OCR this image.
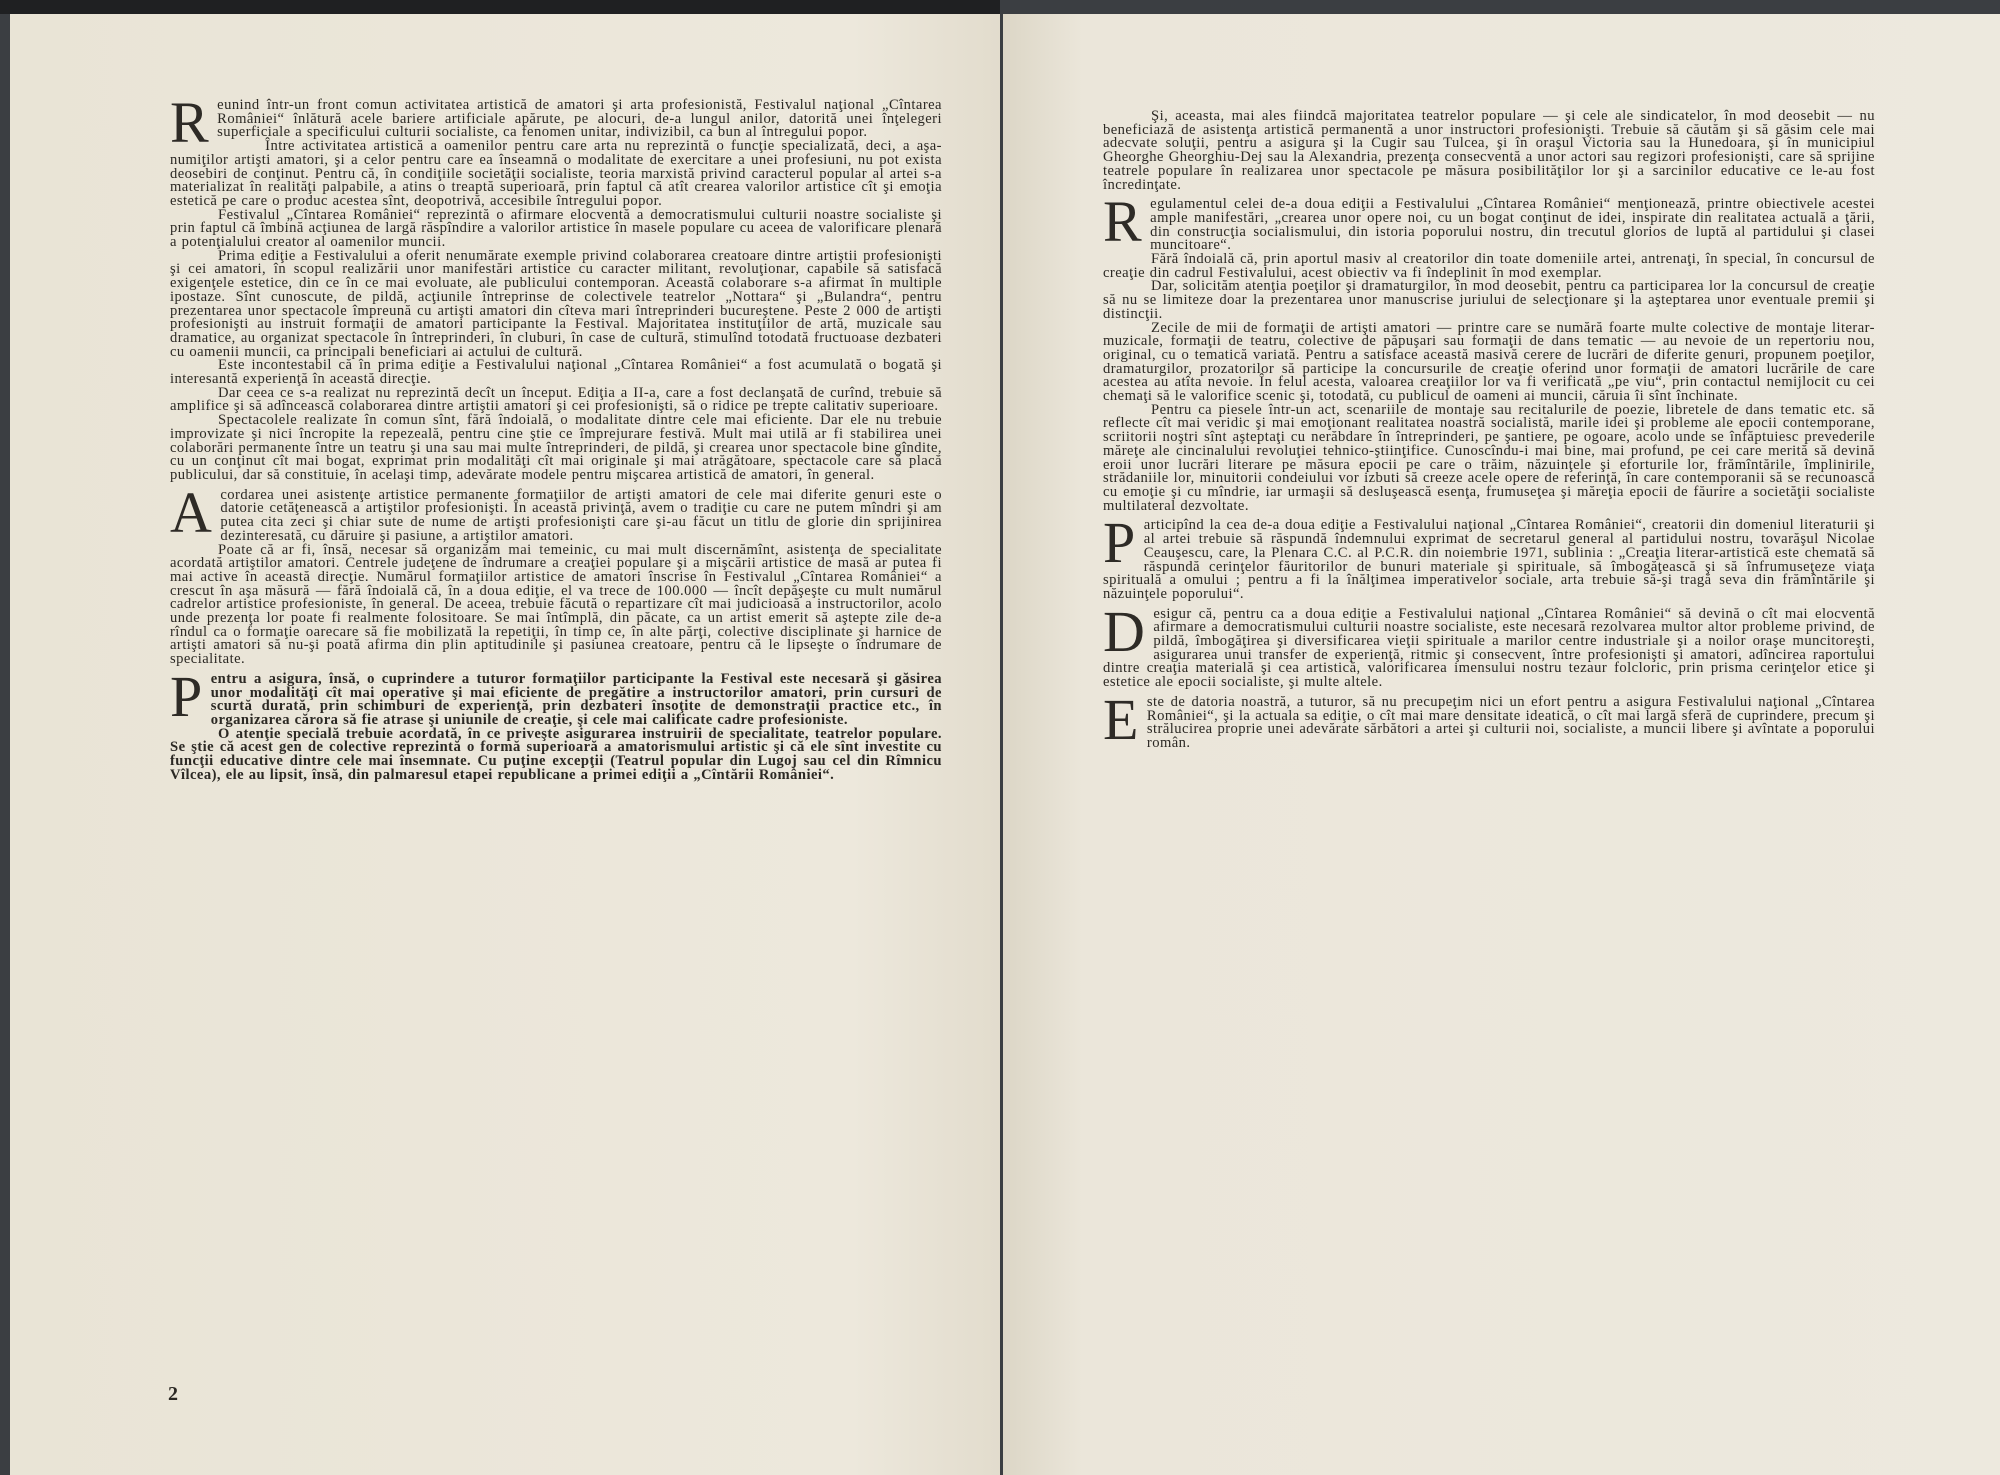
Reunind într-un front comun activitatea artistică de amatori şi arta profesionistă, Festivalul naţional „Cîntarea României“ înlătură acele bariere artificiale apărute, pe alocuri, de-a lungul anilor, datorită unei înţelegeri superficiale a specificului culturii socialiste, ca fenomen unitar, indivizibil, ca bun al întregului popor.

Între activitatea artistică a oamenilor pentru care arta nu reprezintă o funcţie specializată, deci, a aşa-numiţilor artişti amatori, şi a celor pentru care ea înseamnă o modalitate de exercitare a unei profesiuni, nu pot exista deosebiri de conţinut. Pentru că, în condiţiile societăţii socialiste, teoria marxistă privind caracterul popular al artei s-a materializat în realităţi palpabile, a atins o treaptă superioară, prin faptul că atît crearea valorilor artistice cît şi emoţia estetică pe care o produc acestea sînt, deopotrivă, accesibile întregului popor.

Festivalul „Cîntarea României“ reprezintă o afirmare elocventă a democratismului culturii noastre socialiste şi prin faptul că îmbină acţiunea de largă răspîndire a valorilor artistice în masele populare cu aceea de valorificare plenară a potenţialului creator al oamenilor muncii.

Prima ediţie a Festivalului a oferit nenumărate exemple privind colaborarea creatoare dintre artiştii profesionişti şi cei amatori, în scopul realizării unor manifestări artistice cu caracter militant, revoluţionar, capabile să satisfacă exigenţele estetice, din ce în ce mai evoluate, ale publicului contemporan. Această colaborare s-a afirmat în multiple ipostaze. Sînt cunoscute, de pildă, acţiunile întreprinse de colectivele teatrelor „Nottara“ şi „Bulandra“, pentru prezentarea unor spectacole împreună cu artişti amatori din cîteva mari întreprinderi bucureştene. Peste 2 000 de artişti profesionişti au instruit formaţii de amatori participante la Festival. Majoritatea instituţiilor de artă, muzicale sau dramatice, au organizat spectacole în întreprinderi, în cluburi, în case de cultură, stimulînd totodată fructuoase dezbateri cu oamenii muncii, ca principali beneficiari ai actului de cultură.

Este incontestabil că în prima ediţie a Festivalului naţional „Cîntarea României“ a fost acumulată o bogată şi interesantă experienţă în această direcţie.

Dar ceea ce s-a realizat nu reprezintă decît un început. Ediţia a II-a, care a fost declanşată de curînd, trebuie să amplifice şi să adîncească colaborarea dintre artiştii amatori şi cei profesionişti, să o ridice pe trepte calitativ superioare.

Spectacolele realizate în comun sînt, fără îndoială, o modalitate dintre cele mai eficiente. Dar ele nu trebuie improvizate şi nici încropite la repezeală, pentru cine ştie ce împrejurare festivă. Mult mai utilă ar fi stabilirea unei colaborări permanente între un teatru şi una sau mai multe întreprinderi, de pildă, şi crearea unor spectacole bine gîndite, cu un conţinut cît mai bogat, exprimat prin modalităţi cît mai originale şi mai atrăgătoare, spectacole care să placă publicului, dar să constituie, în acelaşi timp, adevărate modele pentru mişcarea artistică de amatori, în general.

Acordarea unei asistenţe artistice permanente formaţiilor de artişti amatori de cele mai diferite genuri este o datorie cetăţenească a artiştilor profesionişti. În această privinţă, avem o tradiţie cu care ne putem mîndri şi am putea cita zeci şi chiar sute de nume de artişti profesionişti care şi-au făcut un titlu de glorie din sprijinirea dezinteresată, cu dăruire şi pasiune, a artiştilor amatori.

Poate că ar fi, însă, necesar să organizăm mai temeinic, cu mai mult discernămînt, asistenţa de specialitate acordată artiştilor amatori. Centrele judeţene de îndrumare a creaţiei populare şi a mişcării artistice de masă ar putea fi mai active în această direcţie. Numărul formaţiilor artistice de amatori înscrise în Festivalul „Cîntarea României“ a crescut în aşa măsură — fără îndoială că, în a doua ediţie, el va trece de 100.000 — încît depăşeşte cu mult numărul cadrelor artistice profesioniste, în general. De aceea, trebuie făcută o repartizare cît mai judicioasă a instructorilor, acolo unde prezenţa lor poate fi realmente folositoare. Se mai întîmplă, din păcate, ca un artist emerit să aştepte zile de-a rîndul ca o formaţie oarecare să fie mobilizată la repetiţii, în timp ce, în alte părţi, colective disciplinate şi harnice de artişti amatori să nu-şi poată afirma din plin aptitudinile şi pasiunea creatoare, pentru că le lipseşte o îndrumare de specialitate.

Pentru a asigura, însă, o cuprindere a tuturor formaţiilor participante la Festival este necesară şi găsirea unor modalităţi cît mai operative şi mai eficiente de pregătire a instructorilor amatori, prin cursuri de scurtă durată, prin schimburi de experienţă, prin dezbateri însoţite de demonstraţii practice etc., în organizarea cărora să fie atrase şi uniunile de creaţie, şi cele mai calificate cadre profesioniste.

O atenţie specială trebuie acordată, în ce priveşte asigurarea instruirii de specialitate, teatrelor populare. Se ştie că acest gen de colective reprezintă o formă superioară a amatorismului artistic şi că ele sînt investite cu funcţii educative dintre cele mai însemnate. Cu puţine excepţii (Teatrul popular din Lugoj sau cel din Rîmnicu Vîlcea), ele au lipsit, însă, din palmaresul etapei republicane a primei ediţii a „Cîntării României“.

2

Şi, aceasta, mai ales fiindcă majoritatea teatrelor populare — şi cele ale sindicatelor, în mod deosebit — nu beneficiază de asistenţa artistică permanentă a unor instructori profesionişti. Trebuie să căutăm şi să găsim cele mai adecvate soluţii, pentru a asigura şi la Cugir sau Tulcea, şi în oraşul Victoria sau la Hunedoara, şi în municipiul Gheorghe Gheorghiu-Dej sau la Alexandria, prezenţa consecventă a unor actori sau regizori profesionişti, care să sprijine teatrele populare în realizarea unor spectacole pe măsura posibilităţilor lor şi a sarcinilor educative ce le-au fost încredinţate.

Regulamentul celei de-a doua ediţii a Festivalului „Cîntarea României“ menţionează, printre obiectivele acestei ample manifestări, „crearea unor opere noi, cu un bogat conţinut de idei, inspirate din realitatea actuală a ţării, din construcţia socialismului, din istoria poporului nostru, din trecutul glorios de luptă al partidului şi clasei muncitoare“.

Fără îndoială că, prin aportul masiv al creatorilor din toate domeniile artei, antrenaţi, în special, în concursul de creaţie din cadrul Festivalului, acest obiectiv va fi îndeplinit în mod exemplar.

Dar, solicităm atenţia poeţilor şi dramaturgilor, în mod deosebit, pentru ca participarea lor la concursul de creaţie să nu se limiteze doar la prezentarea unor manuscrise juriului de selecţionare şi la aşteptarea unor eventuale premii şi distincţii.

Zecile de mii de formaţii de artişti amatori — printre care se numără foarte multe colective de montaje literar-muzicale, formaţii de teatru, colective de păpuşari sau formaţii de dans tematic — au nevoie de un repertoriu nou, original, cu o tematică variată. Pentru a satisface această masivă cerere de lucrări de diferite genuri, propunem poeţilor, dramaturgilor, prozatorilor să participe la concursurile de creaţie oferind unor formaţii de amatori lucrările de care acestea au atîta nevoie. În felul acesta, valoarea creaţiilor lor va fi verificată „pe viu“, prin contactul nemijlocit cu cei chemaţi să le valorifice scenic şi, totodată, cu publicul de oameni ai muncii, căruia îi sînt închinate.

Pentru ca piesele într-un act, scenariile de montaje sau recitalurile de poezie, libretele de dans tematic etc. să reflecte cît mai veridic şi mai emoţionant realitatea noastră socialistă, marile idei şi probleme ale epocii contemporane, scriitorii noştri sînt aşteptaţi cu nerăbdare în întreprinderi, pe şantiere, pe ogoare, acolo unde se înfăptuiesc prevederile măreţe ale cincinalului revoluţiei tehnico-ştiinţifice. Cunoscîndu-i mai bine, mai profund, pe cei care merită să devină eroii unor lucrări literare pe măsura epocii pe care o trăim, năzuinţele şi eforturile lor, frămîntările, împlinirile, strădaniile lor, minuitorii condeiului vor izbuti să creeze acele opere de referinţă, în care contemporanii să se recunoască cu emoţie şi cu mîndrie, iar urmaşii să desluşească esenţa, frumuseţea şi măreţia epocii de făurire a societăţii socialiste multilateral dezvoltate.

Participînd la cea de-a doua ediţie a Festivalului naţional „Cîntarea României“, creatorii din domeniul literaturii şi al artei trebuie să răspundă îndemnului exprimat de secretarul general al partidului nostru, tovarăşul Nicolae Ceauşescu, care, la Plenara C.C. al P.C.R. din noiembrie 1971, sublinia : „Creaţia literar-artistică este chemată să răspundă cerinţelor făuritorilor de bunuri materiale şi spirituale, să îmbogăţească şi să înfrumuseţeze viaţa spirituală a omului ; pentru a fi la înălţimea imperativelor sociale, arta trebuie să-şi tragă seva din frămîntările şi năzuinţele poporului“.

Desigur că, pentru ca a doua ediţie a Festivalului naţional „Cîntarea României“ să devină o cît mai elocventă afirmare a democratismului culturii noastre socialiste, este necesară rezolvarea multor altor probleme privind, de pildă, îmbogăţirea şi diversificarea vieţii spirituale a marilor centre industriale şi a noilor oraşe muncitoreşti, asigurarea unui transfer de experienţă, ritmic şi consecvent, între profesionişti şi amatori, adîncirea raportului dintre creaţia materială şi cea artistică, valorificarea imensului nostru tezaur folcloric, prin prisma cerinţelor etice şi estetice ale epocii socialiste, şi multe altele.

Este de datoria noastră, a tuturor, să nu precupeţim nici un efort pentru a asigura Festivalului naţional „Cîntarea României“, şi la actuala sa ediţie, o cît mai mare densitate ideatică, o cît mai largă sferă de cuprindere, precum şi strălucirea proprie unei adevărate sărbători a artei şi culturii noi, socialiste, a muncii libere şi avîntate a poporului român.
